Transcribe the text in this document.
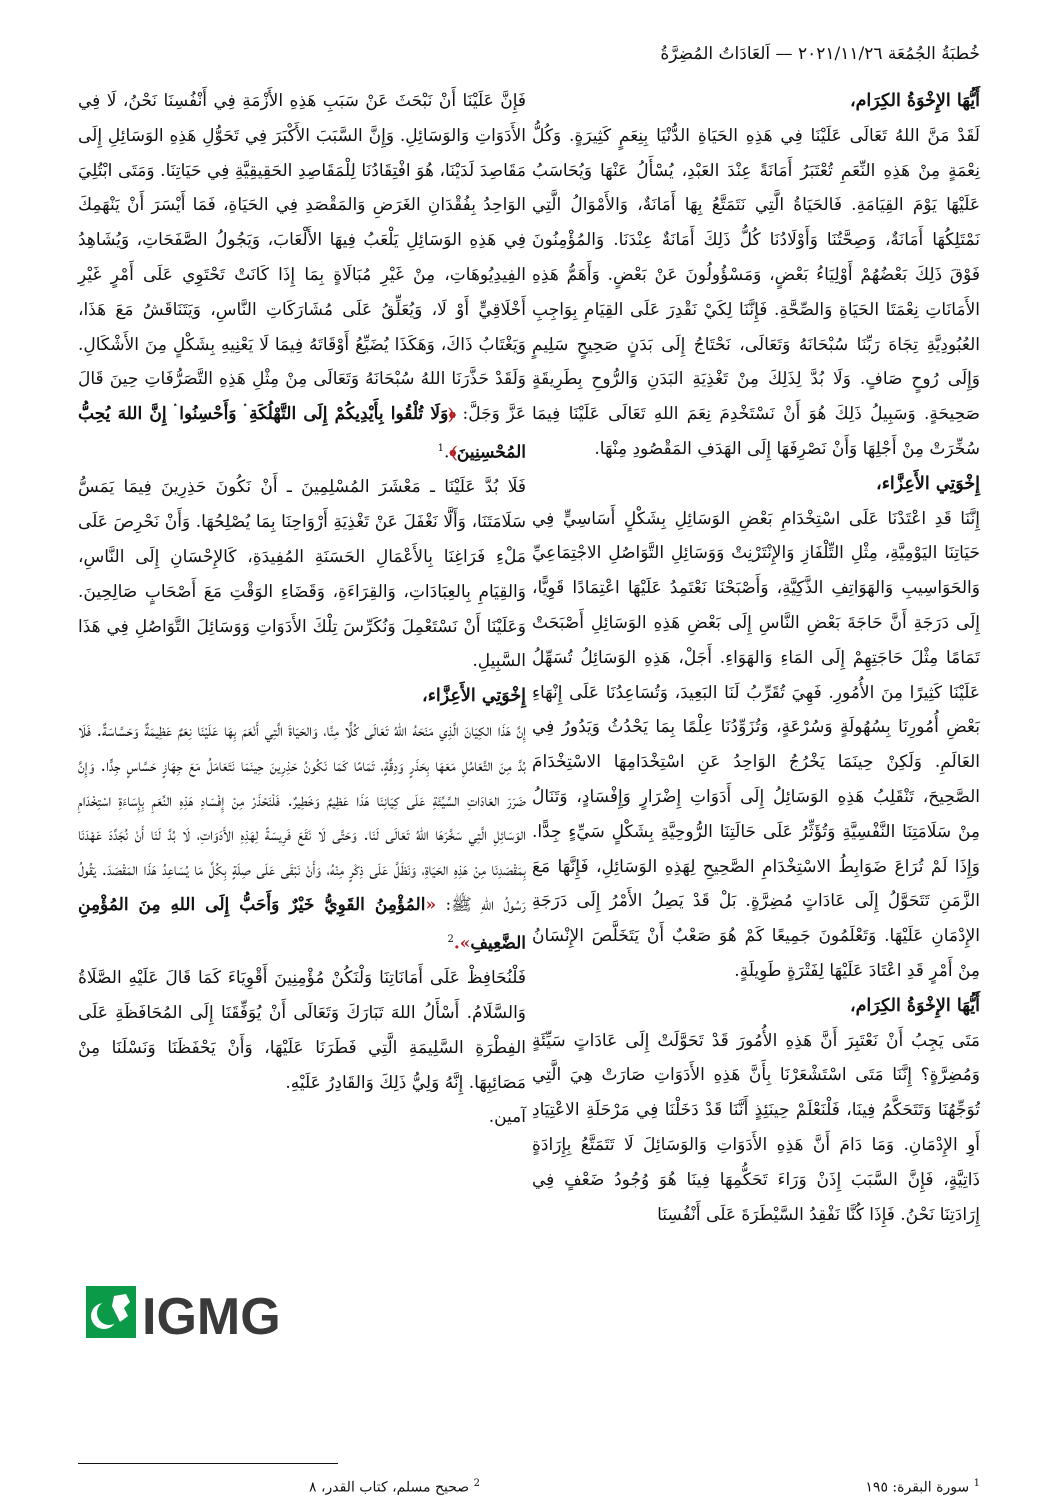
خُطبَةُ الجُمُعَة ٢٠٢١/١١/٢٦ — اَلعَادَاتُ المُضِرَّةُ

أَيُّهَا الإِخْوَةُ الكِرَام،

لَقَدْ مَنَّ اللهُ تَعَالَى عَلَيْنَا فِي هَذِهِ الحَيَاةِ الدُّنْيَا بِنِعَمٍ كَثِيرَةٍ. وَكُلُّ نِعْمَةٍ مِنْ هَذِهِ النِّعَمِ تُعْتَبَرُ أَمَانَةً عِنْدَ العَبْدِ، يُسْأَلُ عَنْهَا وَيُحَاسَبُ عَلَيْهَا يَوْمَ القِيَامَةِ. فَالحَيَاةُ الَّتِي نَتَمَتَّعُ بِهَا أَمَانَةٌ، وَالأَمْوَالُ الَّتِي نَمْتَلِكُهَا أَمَانَةٌ، وَصِحَّتُنَا وَأَوْلَادُنَا كُلُّ ذَلِكَ أَمَانَةٌ عِنْدَنَا. وَالمُؤْمِنُونَ فَوْقَ ذَلِكَ بَعْضُهُمْ أَوْلِيَاءُ بَعْضٍ، وَمَسْؤُولُونَ عَنْ بَعْضٍ. وَأَهَمُّ هَذِهِ الأَمَانَاتِ نِعْمَتَا الحَيَاةِ وَالصِّحَّةِ. فَإِنَّنَا لِكَيْ نَقْدِرَ عَلَى القِيَامِ بِوَاجِبِ العُبُودِيَّةِ تِجَاهَ رَبِّنَا سُبْحَانَهُ وَتَعَالَى، نَحْتَاجُ إِلَى بَدَنٍ صَحِيحٍ سَلِيمٍ وَإِلَى رُوحٍ صَافٍ. وَلَا بُدَّ لِذَلِكَ مِنْ تَغْذِيَةِ البَدَنِ وَالرُّوحِ بِطَرِيقَةٍ صَحِيحَةٍ. وَسَبِيلُ ذَلِكَ هُوَ أَنْ نَسْتَخْدِمَ نِعَمَ اللهِ تَعَالَى عَلَيْنَا فِيمَا سُخِّرَتْ مِنْ أَجْلِهَا وَأَنْ نَصْرِفَهَا إِلَى الهَدَفِ المَقْصُودِ مِنْهَا.

إِخْوَتِي الأَعِزَّاء،

إِنَّنَا قَدِ اعْتَدْنَا عَلَى اسْتِخْدَامِ بَعْضِ الوَسَائِلِ بِشَكْلٍ أَسَاسِيٍّ فِي حَيَاتِنَا اليَوْمِيَّةِ، مِثْلِ التِّلْفَازِ وَالإِنْتَرْنِتْ وَوَسَائِلِ التَّوَاصُلِ الاجْتِمَاعِيِّ وَالحَوَاسِيبِ وَالهَوَاتِفِ الذَّكِيَّةِ، وَأَصْبَحْنَا نَعْتَمِدُ عَلَيْهَا اعْتِمَادًا قَوِيًّا، إِلَى دَرَجَةِ أَنَّ حَاجَةَ بَعْضِ النَّاسِ إِلَى بَعْضِ هَذِهِ الوَسَائِلِ أَصْبَحَتْ تَمَامًا مِثْلَ حَاجَتِهِمْ إِلَى المَاءِ وَالهَوَاءِ. أَجَلْ، هَذِهِ الوَسَائِلُ تُسَهِّلُ عَلَيْنَا كَثِيرًا مِنَ الأُمُورِ. فَهِيَ تُقَرِّبُ لَنَا البَعِيدَ، وَتُسَاعِدُنَا عَلَى إِنْهَاءِ بَعْضِ أُمُورِنَا بِسُهُولَةٍ وَسُرْعَةٍ، وَتُزَوِّدُنَا عِلْمًا بِمَا يَحْدُثُ وَيَدُورُ فِي العَالَمِ. وَلَكِنْ حِينَمَا يَخْرُجُ الوَاحِدُ عَنِ اسْتِخْدَامِهَا الاسْتِخْدَامَ الصَّحِيحَ، تَنْقَلِبُ هَذِهِ الوَسَائِلُ إِلَى أَدَوَاتِ إِضْرَارٍ وَإِفْسَادٍ، وَتَنَالُ مِنْ سَلَامَتِنَا النَّفْسِيَّةِ وَتُؤَثِّرُ عَلَى حَالَتِنَا الرُّوحِيَّةِ بِشَكْلٍ سَيِّءٍ جِدًّا. وَإِذَا لَمْ تُرَاعَ ضَوَابِطُ الاسْتِخْدَامِ الصَّحِيحِ لِهَذِهِ الوَسَائِلِ، فَإِنَّهَا مَعَ الزَّمَنِ تَتَحَوَّلُ إِلَى عَادَاتٍ مُضِرَّةٍ. بَلْ قَدْ يَصِلُ الأَمْرُ إِلَى دَرَجَةِ الإِدْمَانِ عَلَيْهَا. وَتَعْلَمُونَ جَمِيعًا كَمْ هُوَ صَعْبٌ أَنْ يَتَخَلَّصَ الإِنْسَانُ مِنْ أَمْرٍ قَدِ اعْتَادَ عَلَيْهَا لِفَتْرَةٍ طَوِيلَةٍ.

أَيُّهَا الإِخْوَةُ الكِرَام،

مَتَى يَجِبُ أَنْ نَعْتَبِرَ أَنَّ هَذِهِ الأُمُورَ قَدْ تَحَوَّلَتْ إِلَى عَادَاتٍ سَيِّئَةٍ وَمُضِرَّةٍ؟ إِنَّنَا مَتَى اسْتَشْعَرْنَا بِأَنَّ هَذِهِ الأَدَوَاتِ صَارَتْ هِيَ الَّتِي تُوَجِّهُنَا وَتَتَحَكَّمُ فِينَا، فَلْنَعْلَمْ حِينَئِذٍ أَنَّنَا قَدْ دَخَلْنَا فِي مَرْحَلَةِ الاعْتِيَادِ أَوِ الإِدْمَانِ. وَمَا دَامَ أَنَّ هَذِهِ الأَدَوَاتِ وَالوَسَائِلَ لَا تَتَمَتَّعُ بِإِرَادَةٍ ذَاتِيَّةٍ، فَإِنَّ السَّبَبَ إِذَنْ وَرَاءَ تَحَكُّمِهَا فِينَا هُوَ وُجُودُ ضَعْفٍ فِي إِرَادَتِنَا نَحْنُ. فَإِذَا كُنَّا نَفْقِدُ السَّيْطَرَةَ عَلَى أَنْفُسِنَا

فَإِنَّ عَلَيْنَا أَنْ نَبْحَثَ عَنْ سَبَبِ هَذِهِ الأَزْمَةِ فِي أَنْفُسِنَا نَحْنُ، لَا فِي الأَدَوَاتِ وَالوَسَائِلِ. وَإِنَّ السَّبَبَ الأَكْبَرَ فِي تَحَوُّلِ هَذِهِ الوَسَائِلِ إِلَى مَقَاصِدَ لَدَيْنَا، هُوَ افْتِقَادُنَا لِلْمَقَاصِدِ الحَقِيقِيَّةِ فِي حَيَاتِنَا. وَمَتَى ابْتُلِيَ الوَاحِدُ بِفُقْدَانِ الغَرَضِ وَالمَقْصَدِ فِي الحَيَاةِ، فَمَا أَيْسَرَ أَنْ يَنْهَمِكَ فِي هَذِهِ الوَسَائِلِ يَلْعَبُ فِيهَا الأَلْعَابَ، وَيَجُولُ الصَّفَحَاتِ، وَيُشَاهِدُ الفِيدِيُوهَاتِ، مِنْ غَيْرِ مُبَالَاةٍ بِمَا إِذَا كَانَتْ تَحْتَوِي عَلَى أَمْرٍ غَيْرِ أَخْلَاقِيٍّ أَوْ لَا، وَيُعَلِّقُ عَلَى مُشَارَكَاتِ النَّاسِ، وَيَتَنَاقَشُ مَعَ هَذَا، وَيَغْتَابُ ذَاكَ، وَهَكَذَا يُضَيِّعُ أَوْقَاتَهُ فِيمَا لَا يَعْنِيهِ بِشَكْلٍ مِنَ الأَشْكَالِ. وَلَقَدْ حَذَّرَنَا اللهُ سُبْحَانَهُ وَتَعَالَى مِنْ مِثْلِ هَذِهِ التَّصَرُّفَاتِ حِينَ قَالَ عَزَّ وَجَلَّ: ﴿وَلَا تُلْقُوا بِأَيْدِيكُمْ إِلَى التَّهْلُكَةِ ۛ وَأَحْسِنُوا ۛ إِنَّ اللهَ يُحِبُّ المُحْسِنِينَ﴾.$^1$

فَلَا بُدَّ عَلَيْنَا ـ مَعْشَرَ المُسْلِمِينَ ـ أَنْ نَكُونَ حَذِرِينَ فِيمَا يَمَسُّ سَلَامَتَنَا، وَأَلَّا نَغْفَلَ عَنْ تَغْذِيَةِ أَرْوَاحِنَا بِمَا يُصْلِحُهَا. وَأَنْ نَحْرِصَ عَلَى مَلْءِ فَرَاغِنَا بِالأَعْمَالِ الحَسَنَةِ المُفِيدَةِ، كَالإِحْسَانِ إِلَى النَّاسِ، وَالقِيَامِ بِالعِبَادَاتِ، وَالقِرَاءَةِ، وَقَضَاءِ الوَقْتِ مَعَ أَصْحَابٍ صَالِحِينَ. وَعَلَيْنَا أَنْ نَسْتَعْمِلَ وَنُكَرِّسَ تِلْكَ الأَدَوَاتِ وَوَسَائِلَ التَّوَاصُلِ فِي هَذَا السَّبِيلِ.

إِخْوَتِي الأَعِزَّاء،

إِنَّ هَذَا الكِيَانَ الَّذِي مَنَحَهُ اللهُ تَعَالَى كُلًّا مِنَّا، وَالحَيَاةَ الَّتِي أَنْعَمَ بِهَا عَلَيْنَا نِعَمٌ عَظِيمَةٌ وَحَسَّاسَةٌ. فَلَا بُدَّ مِنَ التَّعَامُلِ مَعَهَا بِحَذَرٍ وَدِقَّةٍ، تَمَامًا كَمَا نَكُونُ حَذِرِينَ حِينَمَا نَتَعَامَلُ مَعَ جِهَازٍ حَسَّاسٍ جِدًّا. وَإِنَّ ضَرَرَ العَادَاتِ السَّيِّئَةِ عَلَى كِيَانِنَا هَذَا عَظِيمٌ وَخَطِيرٌ. فَلْنَحْذَرْ مِنْ إِفْسَادِ هَذِهِ النِّعَمِ بِإِسَاءَةِ اسْتِخْدَامِ الوَسَائِلِ الَّتِي سَخَّرَهَا اللهُ تَعَالَى لَنَا. وَحَتَّى لَا نَقَعَ فَرِيسَةً لِهَذِهِ الأَدَوَاتِ، لَا بُدَّ لَنَا أَنْ نُجَدِّدَ عَهْدَنَا بِمَقْصَدِنَا مِنْ هَذِهِ الحَيَاةِ، وَنَظَلَّ عَلَى ذِكْرٍ مِنْهُ، وَأَنْ نَبْقَى عَلَى صِلَةٍ بِكُلِّ مَا يُسَاعِدُ هَذَا المَقْصَدَ. يَقُولُ رَسُولُ اللهِ ﷺ: «المُؤْمِنُ القَوِيُّ خَيْرٌ وَأَحَبُّ إِلَى اللهِ مِنَ المُؤْمِنِ الضَّعِيفِ».$^2$

فَلْنُحَافِظْ عَلَى أَمَانَاتِنَا وَلْنَكُنْ مُؤْمِنِينَ أَقْوِيَاءَ كَمَا قَالَ عَلَيْهِ الصَّلَاةُ وَالسَّلَامُ. أَسْأَلُ اللهَ تَبَارَكَ وَتَعَالَى أَنْ يُوَفِّقَنَا إِلَى المُحَافَظَةِ عَلَى الفِطْرَةِ السَّلِيمَةِ الَّتِي فَطَرَنَا عَلَيْهَا، وَأَنْ يَحْفَظَنَا وَنَسْلَنَا مِنْ مَصَائِبِهَا. إِنَّهُ وَلِيُّ ذَلِكَ وَالقَادِرُ عَلَيْهِ.

آمين.

IGMG
$^1$ سورة البقرة: ١٩٥
$^2$ صحيح مسلم، كتاب القدر، ٨
